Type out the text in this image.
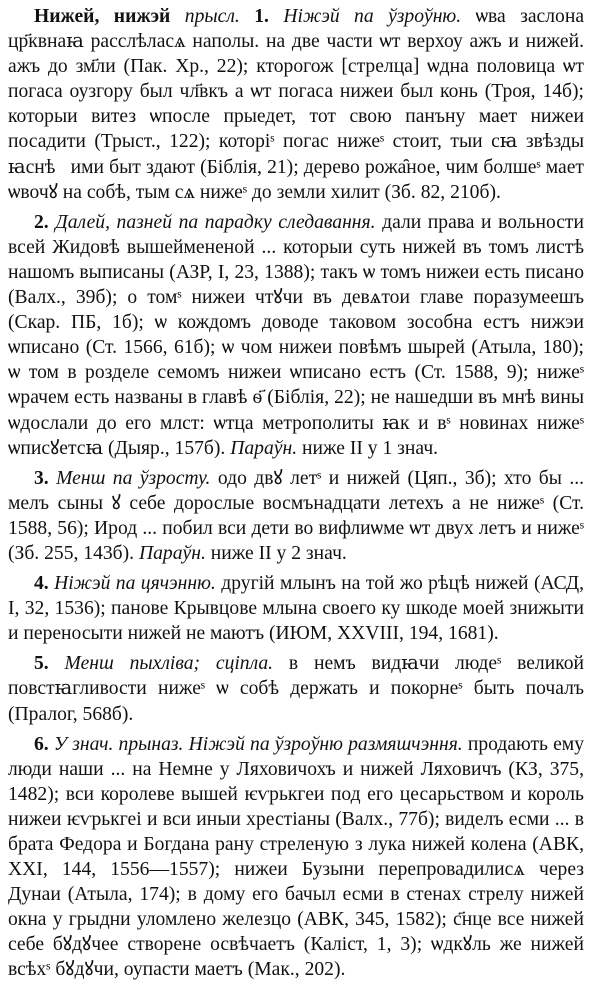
Нижей, нижэй прысл. 1. Ніжэй па ўзроўню. ѡва заслона цр҃квнаꙗ расслѣласѧ наполы. на две части ѡт верхоу ажъ и нижей. ажъ до зм҃ли (Пак. Хр., 22); кторогож [стрелца] ѡдна половица ѡт погаса оузгору был чл҃вкъ а ѡт погаса нижеи был конь (Троя, 14б); которыи витез ѡпосле прыедет, тот свою панъну мает нижеи посадити (Трыст., 122); которіˢ погас нижеˢ стоит, тыи сꙗ звѣзды ꙗснѣⷲими быт здают (Біблія, 21); дерево рожа̑ное, чим болшеˢ мает ѡвочꙋ на собѣ, тым сѧ нижеˢ до земли хилит (Зб. 82, 210б).

2. Далей, пазней па парадку следавання. дали права и вольности всей Жидовѣ вышеймененой ... которыи суть нижей въ томъ листѣ нашомъ выписаны (АЗР, I, 23, 1388); такъ ѡ томъ нижеи есть писано (Валх., 39б); о томˢ нижеи чтꙋчи въ девѧтои главе поразумеешъ (Скар. ПБ, 1б); ѡ кождомъ доводе таковом зособна естъ нижэи ѡписано (Ст. 1566, 61б); ѡ чом нижеи повѣмъ шырей (Атыла, 180); ѡ том в розделе семомъ нижеи ѡписано естъ (Ст. 1588, 9); нижеˢ ѡрачем есть названы в главѣ ѳ҃ (Біблія, 22); не нашедши въ мнѣ вины ѡдослали до его млст: ѡтца метрополиты ꙗк и вˢ новинах нижеˢ ѡписꙋетсꙗ (Дыяр., 157б). Параўн. ниже II у 1 знач.

3. Менш па ўзросту. одо двꙋ летˢ и нижей (Цяп., 3б); хто бы ... мелъ сыны ꙋ себе дорослые восмънадцати летехъ а не нижеˢ (Ст. 1588, 56); Ирод ... побил вси дети во вифлиѡме ѡт двух летъ и нижеˢ (Зб. 255, 143б). Параўн. ниже II у 2 знач.

4. Ніжэй па цячэнню. другій млынъ на той жо рѣцѣ нижей (АСД, I, 32, 1536); панове Крывцове млына своего ку шкоде моей знижыти и переносыти нижей не маютъ (ИЮМ, XXVIII, 194, 1681).

5. Менш пыхліва; сціпла. в немъ видꙗчи людеˢ великой повстꙗгливости нижеˢ ѡ собѣ держать и покорнеˢ быть почалъ (Пралог, 568б).

6. У знач. прыназ. Ніжэй па ўзроўню размяшчэння. продають ему люди наши ... на Немне у Ляховичохъ и нижей Ляховичъ (КЗ, 375, 1482); вси королеве вышей ѥѵрькгеи под его цесарьством и король нижеи ѥѵрькгеі и вси иныи хрестіаны (Валх., 77б); виделъ есми ... в брата Федора и Богдана рану стреленую з лука нижей колена (АВК, XXI, 144, 1556—1557); нижеи Бузыни перепровадилисѧ через Дунаи (Атыла, 174); в дому его бачыл есми в стенах стрелу нижей окна у грыдни уломлено железцо (АВК, 345, 1582); с҃нце все нижей себе бꙋдꙋчее створене освѣчаетъ (Каліст, 1, 3); ѡдкꙋль же нижей всѣхˢ бꙋдꙋчи, оупасти маетъ (Мак., 202).
